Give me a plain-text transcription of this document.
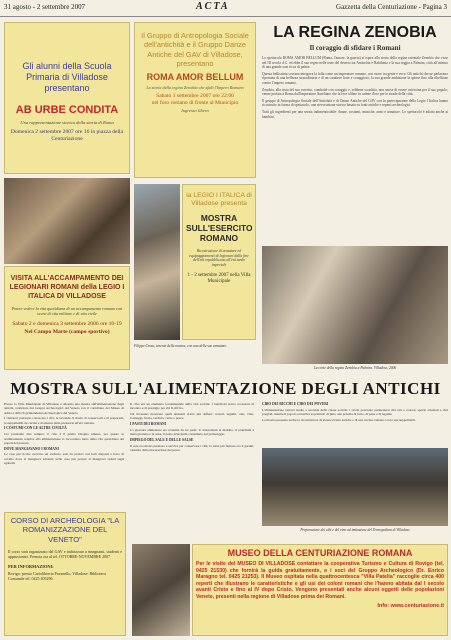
31 agosto - 2 settembre 2007	ACTA	Gazzetta della Centuriazione - Pagina 3
Gli alunni della Scuola Primaria di Villadose presentano
AB URBE CONDITA
Una rappresentazione storica della storia di Roma
Domenica 2 settembre 2007 ore 16 in piazza della Centuriazione
VISITA ALL'ACCAMPAMENTO DEI LEGIONARI ROMANI della LEGIO I ITALICA DI VILLADOSE
Potete vedere la vita quotidiana di un accampamento romano con scene di vita militare e di vita civile
Sabato 2 e domenica 3 settembre 2006 ore 10-19
Nel Campo Marte (campo sportivo)
Il Gruppo di Antropologia Sociale dell'antichità e il Gruppo Danze Antiche del GAV di Villadose, presentano
ROMA AMOR BELLUM
La storia della regina Zenobia che sfidò l'Impero Romano
Sabato 1 settembre 2007 ore 22:00
nel foro romano di fronte al Municipio
Ingresso libero
la LEGIO I ITALICA di Villadose presenta
MOSTRA SULL'ESERCITO ROMANO
Ricostruzione di armature ed equipaggiamenti di legionari dalla fine dell'età repubblicana all'età tardo imperiale
1 - 2 settembre 2007 nella Villa Municipale
Filippo Croso, tenente della mostra, con una delle sue armature.
LA REGINA ZENOBIA
Il coraggio di sfidare i Romani

Lo spettacolo ROMA AMOR BELLUM (Roma, l'amore, la guerra) si ispira alla storia della regina orientale Zenobia che visse nel III secolo d.C. ed ebbe il suo regno nelle terre del deserto tra Antiochia e Babilonia e la sua reggia a Palmira, città all'interno di una grande oasi ricca di palme.

Questa bellissima sovrana intrigava la folla come un imperatore romano, con cuore tra gente e voce. Gli antichi che ne parlavano riportano di una bellezza straordinaria e di un carattere forte e coraggioso; la sua grande ambizione la spinse fino alla ribellione contro l'impero romano.

Zenobia, alla testa del suo esercito, combattè con coraggio e, sebbene sconfitta, non smise di essere un'eroina per il suo popolo; venne portata a Roma dall'imperatore Aureliano che la fece sfilare in catene d'oro per le strade della città.

Il gruppo di Antropologia Sociale dell'Antichità e di Danze Antiche del GAV con la partecipazione della Legio I Italica hanno ricostruito in forma di spettacolo, una rievocazione storica basata su fonti antiche e reperti archeologici.

Tutti gli ingredienti per una serata indimenticabile: danze, costumi, musiche, armi e armature. Lo spettacolo è adatto anche ai bambini.

La corte della regina Zenobia a Palmira. Villadose, 2006
MOSTRA SULL'ALIMENTAZIONE DEGLI ANTICHI

Presso la Villa Municipale di Villadose è allestita una mostra sull'alimentazione degli antichi, realizzata dai Gruppi Archeologici del Veneto con il contributo del Museo di Adria e della Soprintendenza Archeologica del Veneto.

I visitatori potranno conoscere i cibi, le bevande, il modo di conservarli e di prepararli, le suppellettili da cucina e da mensa dalla preistoria all'età romana.

I COSTUMI CON LE ALTRE CIVILTÀ

Ciò possiamo dire sempre: il cibo è il primo bisogno umano, per questo le testimonianze relative alla alimentazione ci raccontano tanto della vita quotidiana dei popoli del passato.

DOVE MANGIAVANO I ROMANI

Le case più ricche avevano un triclinio, sala da pranzo con letti disposti a ferro di cavallo dove si mangiava sdraiati; nelle case più povere si mangiava seduti sugli sgabelli.

Il cibo era un elemento fondamentale della vita sociale: i banchetti erano occasioni di incontro e di prestigio per chi li offriva.

Gli inventari mostrano quali alimenti erano più diffusi: cereali, legumi, olio, vino, formaggi, frutta, verdura, carne e pesce.

I PASTI DEI ROMANI

La giornata alimentare era scandita da tre pasti: lo ientaculum al mattino, il prandium a metà giornata e la cena, il pasto principale consumato nel pomeriggio.

IMPIEGO DEL SALE E DELLE SALSE

Il sale era molto prezioso e serviva per conservare i cibi; la salsa più famosa era il garum, ottenuto dalla macerazione del pesce.

CIBO DEI RICCHI E CIBO DEI POVERI

L'alimentazione variava molto a seconda della classe sociale: i ricchi potevano permettersi cibi rari e costosi, spezie orientali e vini pregiati, mentre il popolo si nutriva soprattutto di puls, una polenta di farro, di pane e di legumi.

La mostra presenta anche la ricostruzione di alcune ricette antiche e di una cucina romana con le sue suppellettili.

Preparazione dei cibi e del vino ad imitazione del Termopolium di Villadose
CORSO DI ARCHEOLOGIA "LA ROMANIZZAZIONE DEL VENETO"
Il corso sarà organizzato dal GAV e indirizzato a insegnanti, studenti e appassionati. Prenota ora al tel. OTTOBRE-NOVEMBRE 2007
PER INFORMAZIONI:
Rovigo: presso Cartolibreria Pavanello, Villadose: Biblioteca Comunale tel. 0425 405296
MUSEO DELLA CENTURIAZIONE ROMANA
Per le visite del MUSEO DI VILLADOSE contattare la cooperativa Turismo e Cultura di Rovigo (tel. 0425 21530) che fornirà la guida gratuitamente, o i soci del Gruppo Archeologico (Dr. Enrico Maragno tel. 0425 21253). Il Museo ospitata nella quattrocentesca "Villa Patella" raccoglie circa 400 reperti che illustrano le caratteristiche e gli usi dei coloni romani che l'hanno abitata dal I secolo avanti Cristo e fino al IV dopo Cristo. Vengono presentati anche alcuni oggetti delle popolazioni Venete, presenti nella regione di Villadose prima dei Romani.
Info: www.centuriazione.it
